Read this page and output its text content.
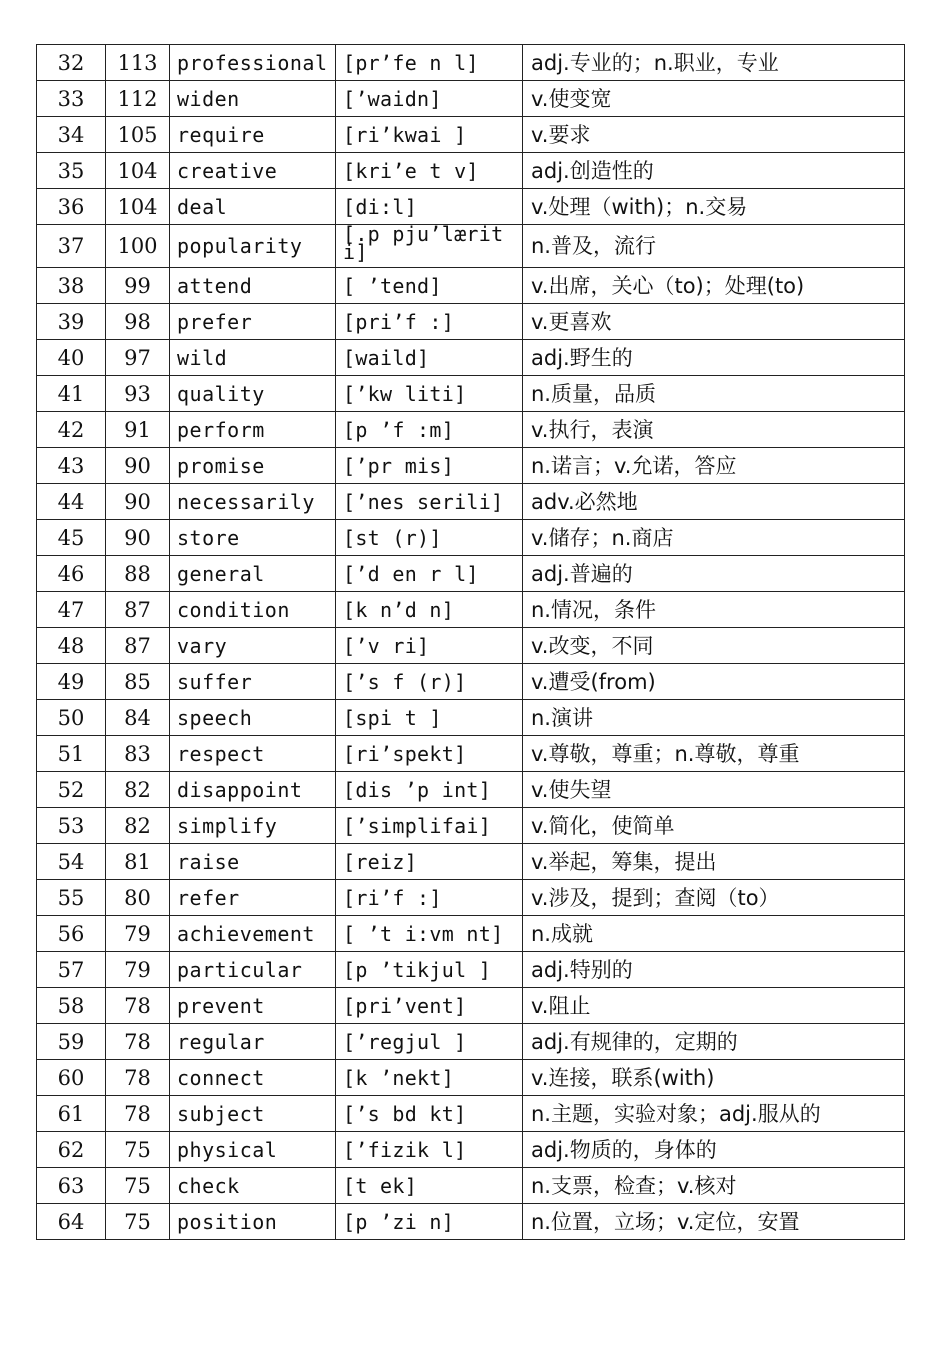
32	113	professional	[prʼfe n l]	adj.专业的；n.职业，专业
33	112	widen	[ʼwaidn]	v.使变宽
34	105	require	[riʼkwai ]	v.要求
35	104	creative	[kriʼe t v]	adj.创造性的
36	104	deal	[di:l]	v.处理（with)；n.交易
37	100	popularity	[.p pjuʼlærit i]	n.普及，流行
38	99	attend	[ ʼtend]	v.出席，关心（to)；处理(to)
39	98	prefer	[priʼf :]	v.更喜欢
40	97	wild	[waild]	adj.野生的
41	93	quality	[ʼkw liti]	n.质量，品质
42	91	perform	[p ʼf :m]	v.执行，表演
43	90	promise	[ʼpr mis]	n.诺言；v.允诺，答应
44	90	necessarily	[ʼnes serili]	adv.必然地
45	90	store	[st (r)]	v.储存；n.商店
46	88	general	[ʼd en r l]	adj.普遍的
47	87	condition	[k nʼd n]	n.情况，条件
48	87	vary	[ʼv ri]	v.改变，不同
49	85	suffer	[ʼs f (r)]	v.遭受(from)
50	84	speech	[spi t ]	n.演讲
51	83	respect	[riʼspekt]	v.尊敬，尊重；n.尊敬，尊重
52	82	disappoint	[dis ʼp int]	v.使失望
53	82	simplify	[ʼsimplifai]	v.简化，使简单
54	81	raise	[reiz]	v.举起，筹集，提出
55	80	refer	[riʼf :]	v.涉及，提到；查阅（to）
56	79	achievement	[ ʼt i:vm nt]	n.成就
57	79	particular	[p ʼtikjul ]	adj.特别的
58	78	prevent	[priʼvent]	v.阻止
59	78	regular	[ʼregjul ]	adj.有规律的，定期的
60	78	connect	[k ʼnekt]	v.连接，联系(with)
61	78	subject	[ʼs bd kt]	n.主题，实验对象；adj.服从的
62	75	physical	[ʼfizik l]	adj.物质的，身体的
63	75	check	[t ek]	n.支票，检查；v.核对
64	75	position	[p ʼzi n]	n.位置，立场；v.定位，安置
